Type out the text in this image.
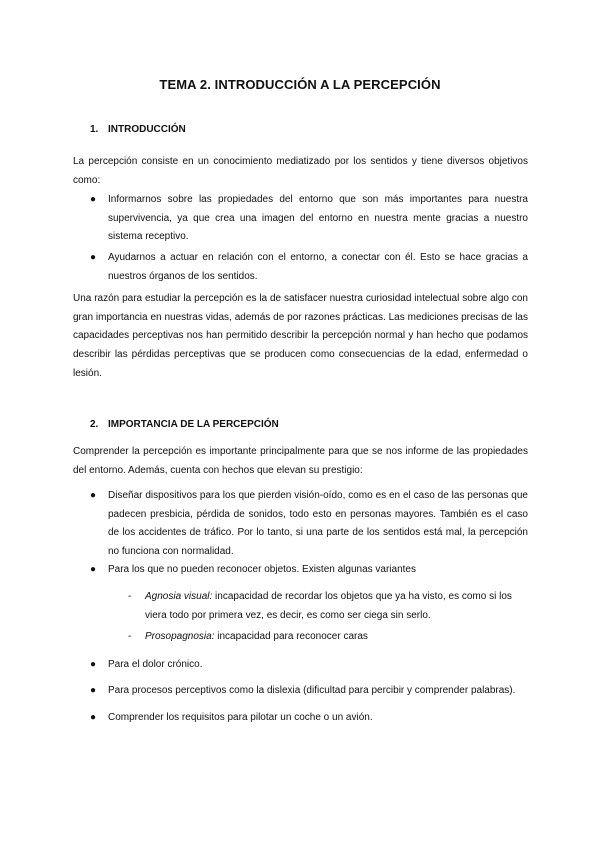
TEMA 2. INTRODUCCIÓN A LA PERCEPCIÓN
1. INTRODUCCIÓN

La percepción consiste en un conocimiento mediatizado por los sentidos y tiene diversos objetivos como:

●	Informarnos sobre las propiedades del entorno que son más importantes para nuestra supervivencia, ya que crea una imagen del entorno en nuestra mente gracias a nuestro sistema receptivo.
●	Ayudarnos a actuar en relación con el entorno, a conectar con él. Esto se hace gracias a nuestros órganos de los sentidos.

Una razón para estudiar la percepción es la de satisfacer nuestra curiosidad intelectual sobre algo con gran importancia en nuestras vidas, además de por razones prácticas. Las mediciones precisas de las capacidades perceptivas nos han permitido describir la percepción normal y han hecho que podamos describir las pérdidas perceptivas que se producen como consecuencias de la edad, enfermedad o lesión.

2. IMPORTANCIA DE LA PERCEPCIÓN

Comprender la percepción es importante principalmente para que se nos informe de las propiedades del entorno. Además, cuenta con hechos que elevan su prestigio:

●	Diseñar dispositivos para los que pierden visión-oído, como es en el caso de las personas que padecen presbicia, pérdida de sonidos, todo esto en personas mayores. También es el caso de los accidentes de tráfico. Por lo tanto, si una parte de los sentidos está mal, la percepción no funciona con normalidad.
●	Para los que no pueden reconocer objetos. Existen algunas variantes
- Agnosia visual: incapacidad de recordar los objetos que ya ha visto, es como si los viera todo por primera vez, es decir, es como ser ciega sin serlo.
- Prosopagnosia: incapacidad para reconocer caras
●	Para el dolor crónico.
●	Para procesos perceptivos como la dislexia (dificultad para percibir y comprender palabras).
●	Comprender los requisitos para pilotar un coche o un avión.
